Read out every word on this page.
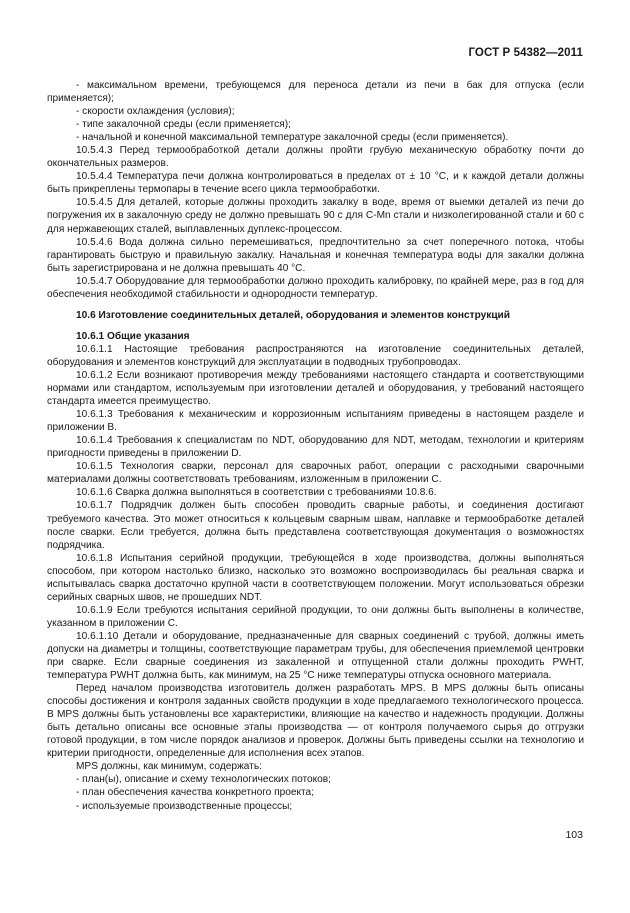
ГОСТ Р 54382—2011

- максимальном времени, требующемся для переноса детали из печи в бак для отпуска (если применяется);

- скорости охлаждения (условия);

- типе закалочной среды (если применяется);

- начальной и конечной максимальной температуре закалочной среды (если применяется).

10.5.4.3 Перед термообработкой детали должны пройти грубую механическую обработку почти до окончательных размеров.

10.5.4.4 Температура печи должна контролироваться в пределах от ± 10 °С, и к каждой детали должны быть прикреплены термопары в течение всего цикла термообработки.

10.5.4.5 Для деталей, которые должны проходить закалку в воде, время от выемки деталей из печи до погружения их в закалочную среду не должно превышать 90 с для С-Mn стали и низколегированной стали и 60 с для нержавеющих сталей, выплавленных дуплекс-процессом.

10.5.4.6 Вода должна сильно перемешиваться, предпочтительно за счет поперечного потока, чтобы гарантировать быструю и правильную закалку. Начальная и конечная температура воды для закалки должна быть зарегистрирована и не должна превышать 40 °С.

10.5.4.7 Оборудование для термообработки должно проходить калибровку, по крайней мере, раз в год для обеспечения необходимой стабильности и однородности температур.

10.6 Изготовление соединительных деталей, оборудования и элементов конструкций

10.6.1 Общие указания

10.6.1.1 Настоящие требования распространяются на изготовление соединительных деталей, оборудования и элементов конструкций для эксплуатации в подводных трубопроводах.

10.6.1.2 Если возникают противоречия между требованиями настоящего стандарта и соответствующими нормами или стандартом, используемым при изготовлении деталей и оборудования, у требований настоящего стандарта имеется преимущество.

10.6.1.3 Требования к механическим и коррозионным испытаниям приведены в настоящем разделе и приложении В.

10.6.1.4 Требования к специалистам по NDT, оборудованию для NDT, методам, технологии и критериям пригодности приведены в приложении D.

10.6.1.5 Технология сварки, персонал для сварочных работ, операции с расходными сварочными материалами должны соответствовать требованиям, изложенным в приложении С.

10.6.1.6 Сварка должна выполняться в соответствии с требованиями 10.8.6.

10.6.1.7 Подрядчик должен быть способен проводить сварные работы, и соединения достигают требуемого качества. Это может относиться к кольцевым сварным швам, наплавке и термообработке деталей после сварки. Если требуется, должна быть представлена соответствующая документация о возможностях подрядчика.

10.6.1.8 Испытания серийной продукции, требующейся в ходе производства, должны выполняться способом, при котором настолько близко, насколько это возможно воспроизводилась бы реальная сварка и испытывалась сварка достаточно крупной части в соответствующем положении. Могут использоваться обрезки серийных сварных швов, не прошедших NDT.

10.6.1.9 Если требуются испытания серийной продукции, то они должны быть выполнены в количестве, указанном в приложении С.

10.6.1.10 Детали и оборудование, предназначенные для сварных соединений с трубой, должны иметь допуски на диаметры и толщины, соответствующие параметрам трубы, для обеспечения приемлемой центровки при сварке. Если сварные соединения из закаленной и отпущенной стали должны проходить PWHT, температура PWHT должна быть, как минимум, на 25 °С ниже температуры отпуска основного материала.

Перед началом производства изготовитель должен разработать MPS. В MPS должны быть описаны способы достижения и контроля заданных свойств продукции в ходе предлагаемого технологического процесса. В MPS должны быть установлены все характеристики, влияющие на качество и надежность продукции. Должны быть детально описаны все основные этапы производства — от контроля получаемого сырья до отгрузки готовой продукции, в том числе порядок анализов и проверок. Должны быть приведены ссылки на технологию и критерии пригодности, определенные для исполнения всех этапов.

MPS должны, как минимум, содержать:

- план(ы), описание и схему технологических потоков;

- план обеспечения качества конкретного проекта;

- используемые производственные процессы;

103
